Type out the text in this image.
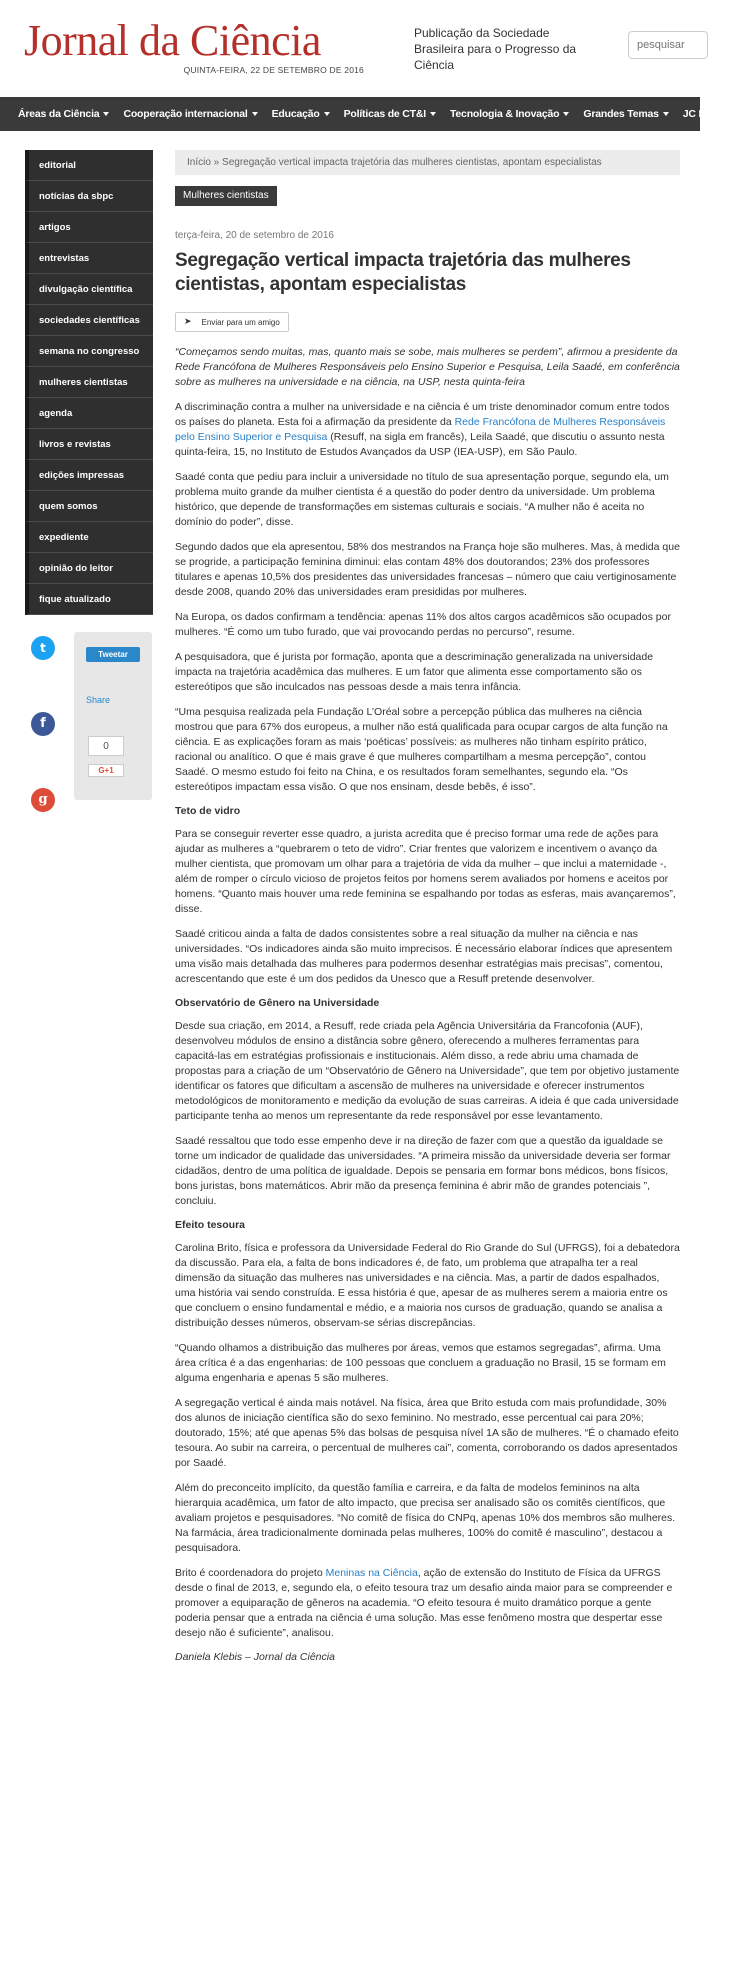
Jornal da Ciência
QUINTA-FEIRA, 22 DE SETEMBRO DE 2016
Publicação da Sociedade Brasileira para o Progresso da Ciência
pesquisar
Áreas da Ciência Cooperação internacional Educação Políticas de CT&I Tecnologia & Inovação Grandes Temas JC Notícias
editorial
notícias da sbpc
artigos
entrevistas
divulgação científica
sociedades científicas
semana no congresso
mulheres cientistas
agenda
livros e revistas
edições impressas
quem somos
expediente
opinião do leitor
fique atualizado
t
f
g
Tweetar
Share
0
G+1
Início » Segregação vertical impacta trajetória das mulheres cientistas, apontam especialistas
Mulheres cientistas
terça-feira, 20 de setembro de 2016
Segregação vertical impacta trajetória das mulheres cientistas, apontam especialistas
➤ Enviar para um amigo

“Começamos sendo muitas, mas, quanto mais se sobe, mais mulheres se perdem”, afirmou a presidente da Rede Francófona de Mulheres Responsáveis pelo Ensino Superior e Pesquisa, Leila Saadé, em conferência sobre as mulheres na universidade e na ciência, na USP, nesta quinta-feira

A discriminação contra a mulher na universidade e na ciência é um triste denominador comum entre todos os países do planeta. Esta foi a afirmação da presidente da Rede Francófona de Mulheres Responsáveis pelo Ensino Superior e Pesquisa (Resuff, na sigla em francês), Leila Saadé, que discutiu o assunto nesta quinta-feira, 15, no Instituto de Estudos Avançados da USP (IEA-USP), em São Paulo.

Saadé conta que pediu para incluir a universidade no título de sua apresentação porque, segundo ela, um problema muito grande da mulher cientista é a questão do poder dentro da universidade. Um problema histórico, que depende de transformações em sistemas culturais e sociais. “A mulher não é aceita no domínio do poder”, disse.

Segundo dados que ela apresentou, 58% dos mestrandos na França hoje são mulheres. Mas, à medida que se progride, a participação feminina diminui: elas contam 48% dos doutorandos; 23% dos professores titulares e apenas 10,5% dos presidentes das universidades francesas – número que caiu vertiginosamente desde 2008, quando 20% das universidades eram presididas por mulheres.

Na Europa, os dados confirmam a tendência: apenas 11% dos altos cargos acadêmicos são ocupados por mulheres. “É como um tubo furado, que vai provocando perdas no percurso”, resume.

A pesquisadora, que é jurista por formação, aponta que a descriminação generalizada na universidade impacta na trajetória acadêmica das mulheres. E um fator que alimenta esse comportamento são os estereótipos que são inculcados nas pessoas desde a mais tenra infância.

“Uma pesquisa realizada pela Fundação L’Oréal sobre a percepção pública das mulheres na ciência mostrou que para 67% dos europeus, a mulher não está qualificada para ocupar cargos de alta função na ciência. E as explicações foram as mais ‘poéticas’ possíveis: as mulheres não tinham espírito prático, racional ou analítico. O que é mais grave é que mulheres compartilham a mesma percepção”, contou Saadé. O mesmo estudo foi feito na China, e os resultados foram semelhantes, segundo ela. “Os estereótipos impactam essa visão. O que nos ensinam, desde bebês, é isso”.

Teto de vidro

Para se conseguir reverter esse quadro, a jurista acredita que é preciso formar uma rede de ações para ajudar as mulheres a “quebrarem o teto de vidro”. Criar frentes que valorizem e incentivem o avanço da mulher cientista, que promovam um olhar para a trajetória de vida da mulher – que inclui a maternidade -, além de romper o círculo vicioso de projetos feitos por homens serem avaliados por homens e aceitos por homens. “Quanto mais houver uma rede feminina se espalhando por todas as esferas, mais avançaremos”, disse.

Saadé criticou ainda a falta de dados consistentes sobre a real situação da mulher na ciência e nas universidades. “Os indicadores ainda são muito imprecisos. É necessário elaborar índices que apresentem uma visão mais detalhada das mulheres para podermos desenhar estratégias mais precisas”, comentou, acrescentando que este é um dos pedidos da Unesco que a Resuff pretende desenvolver.

Observatório de Gênero na Universidade

Desde sua criação, em 2014, a Resuff, rede criada pela Agência Universitária da Francofonia (AUF), desenvolveu módulos de ensino a distância sobre gênero, oferecendo a mulheres ferramentas para capacitá-las em estratégias profissionais e institucionais. Além disso, a rede abriu uma chamada de propostas para a criação de um “Observatório de Gênero na Universidade”, que tem por objetivo justamente identificar os fatores que dificultam a ascensão de mulheres na universidade e oferecer instrumentos metodológicos de monitoramento e medição da evolução de suas carreiras. A ideia é que cada universidade participante tenha ao menos um representante da rede responsável por esse levantamento.

Saadé ressaltou que todo esse empenho deve ir na direção de fazer com que a questão da igualdade se torne um indicador de qualidade das universidades. “A primeira missão da universidade deveria ser formar cidadãos, dentro de uma política de igualdade. Depois se pensaria em formar bons médicos, bons físicos, bons juristas, bons matemáticos. Abrir mão da presença feminina é abrir mão de grandes potenciais ”, concluiu.

Efeito tesoura

Carolina Brito, física e professora da Universidade Federal do Rio Grande do Sul (UFRGS), foi a debatedora da discussão. Para ela, a falta de bons indicadores é, de fato, um problema que atrapalha ter a real dimensão da situação das mulheres nas universidades e na ciência. Mas, a partir de dados espalhados, uma história vai sendo construída. E essa história é que, apesar de as mulheres serem a maioria entre os que concluem o ensino fundamental e médio, e a maioria nos cursos de graduação, quando se analisa a distribuição desses números, observam-se sérias discrepâncias.

“Quando olhamos a distribuição das mulheres por áreas, vemos que estamos segregadas”, afirma. Uma área crítica é a das engenharias: de 100 pessoas que concluem a graduação no Brasil, 15 se formam em alguma engenharia e apenas 5 são mulheres.

A segregação vertical é ainda mais notável. Na física, área que Brito estuda com mais profundidade, 30% dos alunos de iniciação científica são do sexo feminino. No mestrado, esse percentual cai para 20%; doutorado, 15%; até que apenas 5% das bolsas de pesquisa nível 1A são de mulheres. “É o chamado efeito tesoura. Ao subir na carreira, o percentual de mulheres cai”, comenta, corroborando os dados apresentados por Saadé.

Além do preconceito implícito, da questão família e carreira, e da falta de modelos femininos na alta hierarquia acadêmica, um fator de alto impacto, que precisa ser analisado são os comitês científicos, que avaliam projetos e pesquisadores. “No comitê de física do CNPq, apenas 10% dos membros são mulheres. Na farmácia, área tradicionalmente dominada pelas mulheres, 100% do comitê é masculino”, destacou a pesquisadora.

Brito é coordenadora do projeto Meninas na Ciência, ação de extensão do Instituto de Física da UFRGS desde o final de 2013, e, segundo ela, o efeito tesoura traz um desafio ainda maior para se compreender e promover a equiparação de gêneros na academia. “O efeito tesoura é muito dramático porque a gente poderia pensar que a entrada na ciência é uma solução. Mas esse fenômeno mostra que despertar esse desejo não é suficiente”, analisou.

Daniela Klebis – Jornal da Ciência
